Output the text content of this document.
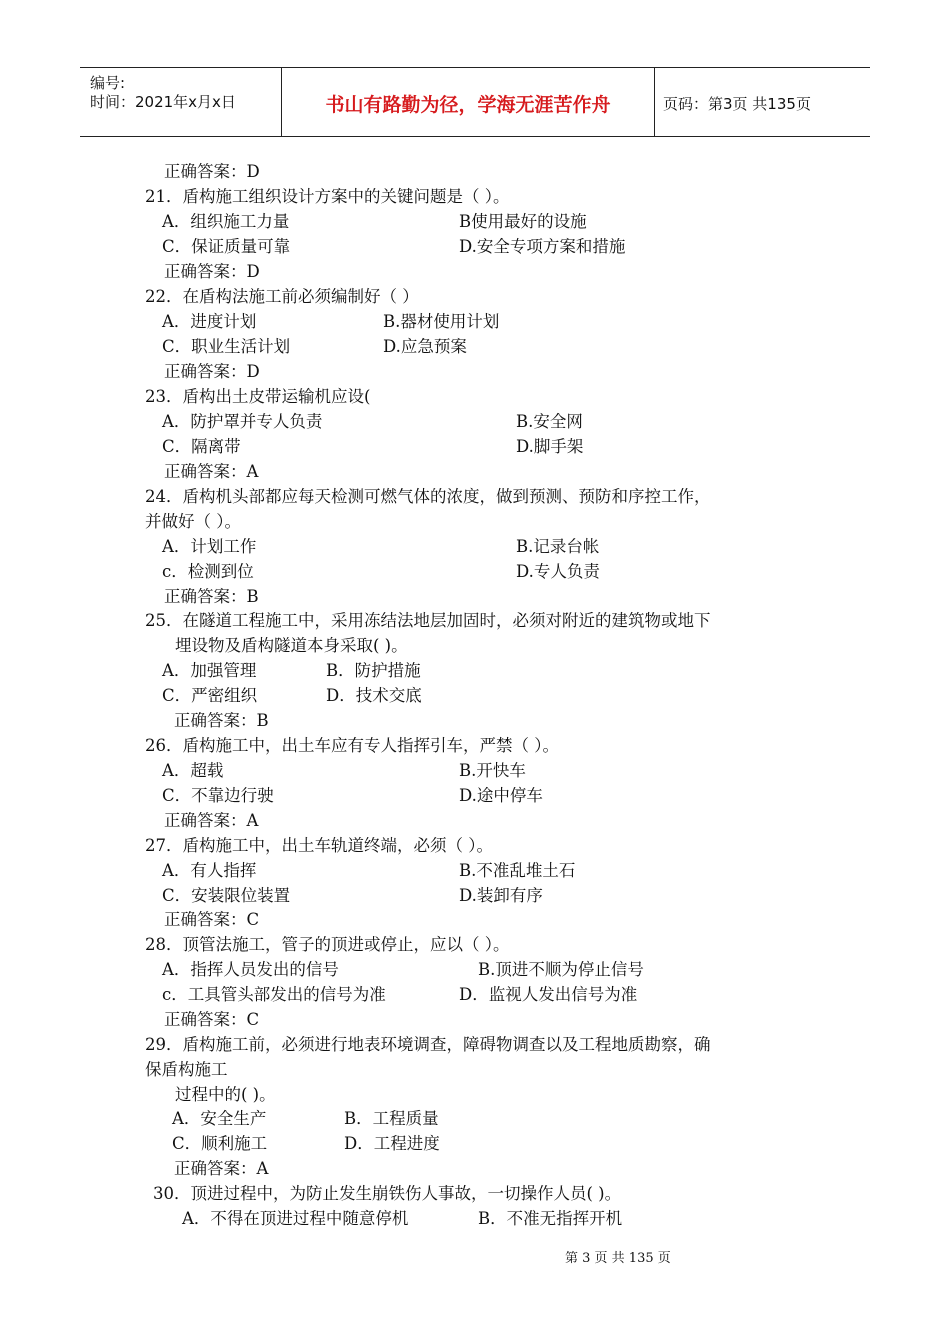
编号:
时间：2021年x月x日	书山有路勤为径，学海无涯苦作舟	页码：第3页 共135页
正确答案：D
21．盾构施工组织设计方案中的关键问题是（ ）。
A．组织施工力量	B使用最好的设施
C．保证质量可靠	D.安全专项方案和措施
正确答案：D
22．在盾构法施工前必须编制好（ ）
A．进度计划	B.器材使用计划
C．职业生活计划	D.应急预案
正确答案：D
23．盾构出土皮带运输机应设(
A．防护罩并专人负责	B.安全网
C．隔离带	D.脚手架
正确答案：A
24．盾构机头部都应每天检测可燃气体的浓度，做到预测、预防和序控工作，
并做好（ ）。
A．计划工作	B.记录台帐
c．检测到位	D.专人负责
正确答案：B
25．在隧道工程施工中，采用冻结法地层加固时，必须对附近的建筑物或地下
埋设物及盾构隧道本身采取( )。
A．加强管理	B．防护措施
C．严密组织	D．技术交底
正确答案：B
26．盾构施工中，出土车应有专人指挥引车，严禁（ ）。
A．超载	B.开快车
C．不靠边行驶	D.途中停车
正确答案：A
27．盾构施工中，出土车轨道终端，必须（ ）。
A．有人指挥	B.不准乱堆土石
C．安装限位装置	D.装卸有序
正确答案：C
28．顶管法施工，管子的顶进或停止，应以（ ）。
A．指挥人员发出的信号	B.顶进不顺为停止信号
c．工具管头部发出的信号为准	D．监视人发出信号为准
正确答案：C
29．盾构施工前，必须进行地表环境调查，障碍物调查以及工程地质勘察，确
保盾构施工
过程中的( )。
A．安全生产	B．工程质量
C．顺利施工	D．工程进度
正确答案：A
30．顶进过程中，为防止发生崩铁伤人事故，一切操作人员( )。
A．不得在顶进过程中随意停机	B．不准无指挥开机
第 3 页 共 135 页
